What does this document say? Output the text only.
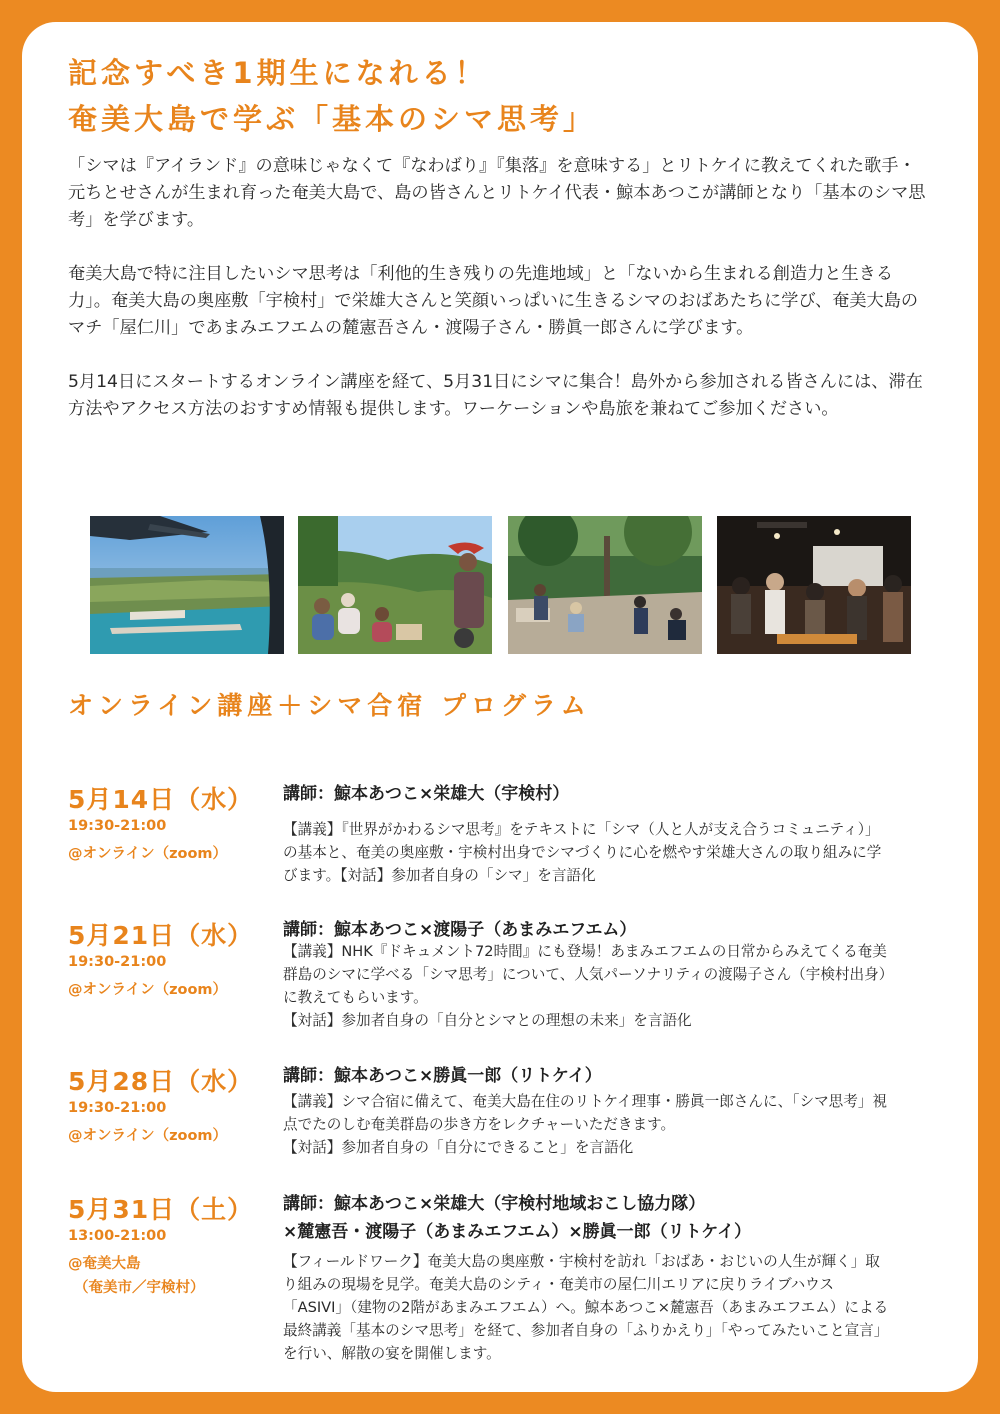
記念すべき1期生になれる！
奄美大島で学ぶ「基本のシマ思考」

「シマは『アイランド』の意味じゃなくて『なわばり』『集落』を意味する」とリトケイに教えてくれた歌手・元ちとせさんが生まれ育った奄美大島で、島の皆さんとリトケイ代表・鯨本あつこが講師となり「基本のシマ思考」を学びます。

奄美大島で特に注目したいシマ思考は「利他的生き残りの先進地域」と「ないから生まれる創造力と生きる力」。奄美大島の奥座敷「宇検村」で栄雄大さんと笑顔いっぱいに生きるシマのおばあたちに学び、奄美大島のマチ「屋仁川」であまみエフエムの麓憲吾さん・渡陽子さん・勝眞一郎さんに学びます。

5月14日にスタートするオンライン講座を経て、5月31日にシマに集合！島外から参加される皆さんには、滞在方法やアクセス方法のおすすめ情報も提供します。ワーケーションや島旅を兼ねてご参加ください。

オンライン講座＋シマ合宿 プログラム
5月14日（水）
19:30-21:00
@オンライン（zoom）
講師：鯨本あつこ×栄雄大（宇検村）

【講義】『世界がかわるシマ思考』をテキストに「シマ（人と人が支え合うコミュニティ）」の基本と、奄美の奥座敷・宇検村出身でシマづくりに心を燃やす栄雄大さんの取り組みに学びます。【対話】参加者自身の「シマ」を言語化

5月21日（水）
19:30-21:00
@オンライン（zoom）
講師：鯨本あつこ×渡陽子（あまみエフエム）

【講義】NHK『ドキュメント72時間』にも登場！あまみエフエムの日常からみえてくる奄美群島のシマに学べる「シマ思考」について、人気パーソナリティの渡陽子さん（宇検村出身）に教えてもらいます。

【対話】参加者自身の「自分とシマとの理想の未来」を言語化

5月28日（水）
19:30-21:00
@オンライン（zoom）
講師：鯨本あつこ×勝眞一郎（リトケイ）

【講義】シマ合宿に備えて、奄美大島在住のリトケイ理事・勝眞一郎さんに、「シマ思考」視点でたのしむ奄美群島の歩き方をレクチャーいただきます。

【対話】参加者自身の「自分にできること」を言語化

5月31日（土）
13:00-21:00
@奄美大島
（奄美市／宇検村）
講師：鯨本あつこ×栄雄大（宇検村地域おこし協力隊）
×麓憲吾・渡陽子（あまみエフエム）×勝眞一郎（リトケイ）

【フィールドワーク】奄美大島の奥座敷・宇検村を訪れ「おばあ・おじいの人生が輝く」取り組みの現場を見学。奄美大島のシティ・奄美市の屋仁川エリアに戻りライブハウス「ASIVI」（建物の2階があまみエフエム）へ。鯨本あつこ×麓憲吾（あまみエフエム）による最終講義「基本のシマ思考」を経て、参加者自身の「ふりかえり」「やってみたいこと宣言」を行い、解散の宴を開催します。
